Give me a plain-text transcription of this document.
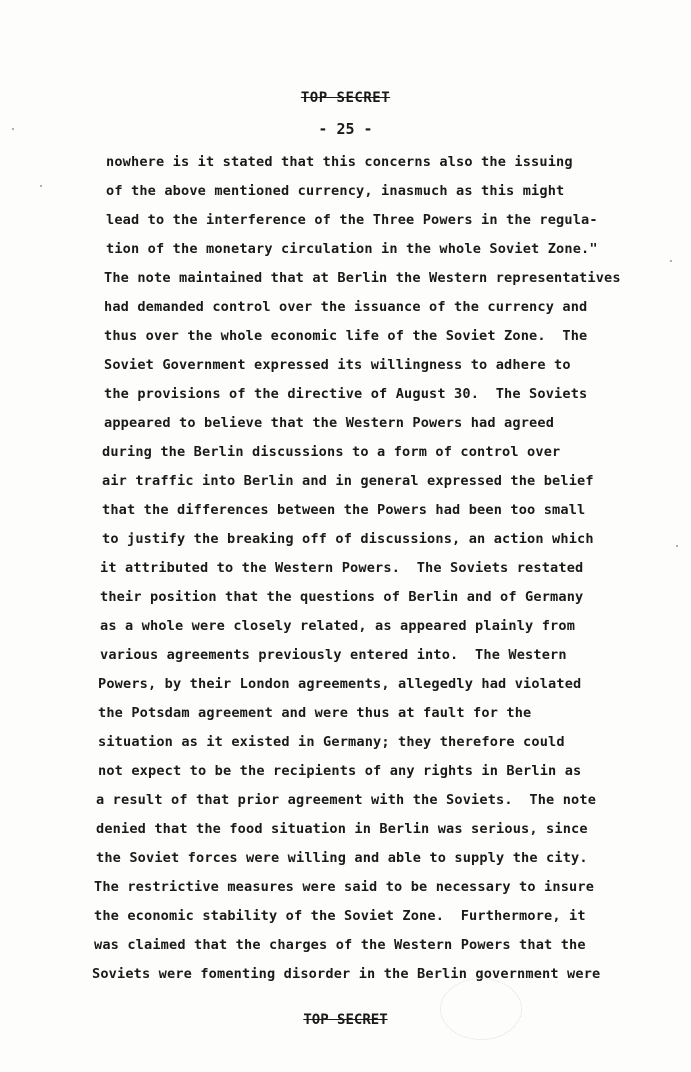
TOP SECRET
- 25 -
nowhere is it stated that this concerns also the issuing
of the above mentioned currency, inasmuch as this might
lead to the interference of the Three Powers in the regula-
tion of the monetary circulation in the whole Soviet Zone."
The note maintained that at Berlin the Western representatives
had demanded control over the issuance of the currency and
thus over the whole economic life of the Soviet Zone.  The
Soviet Government expressed its willingness to adhere to
the provisions of the directive of August 30.  The Soviets
appeared to believe that the Western Powers had agreed
during the Berlin discussions to a form of control over
air traffic into Berlin and in general expressed the belief
that the differences between the Powers had been too small
to justify the breaking off of discussions, an action which
it attributed to the Western Powers.  The Soviets restated
their position that the questions of Berlin and of Germany
as a whole were closely related, as appeared plainly from
various agreements previously entered into.  The Western
Powers, by their London agreements, allegedly had violated
the Potsdam agreement and were thus at fault for the
situation as it existed in Germany; they therefore could
not expect to be the recipients of any rights in Berlin as
a result of that prior agreement with the Soviets.  The note
denied that the food situation in Berlin was serious, since
the Soviet forces were willing and able to supply the city.
The restrictive measures were said to be necessary to insure
the economic stability of the Soviet Zone.  Furthermore, it
was claimed that the charges of the Western Powers that the
Soviets were fomenting disorder in the Berlin government were
TOP SECRET
